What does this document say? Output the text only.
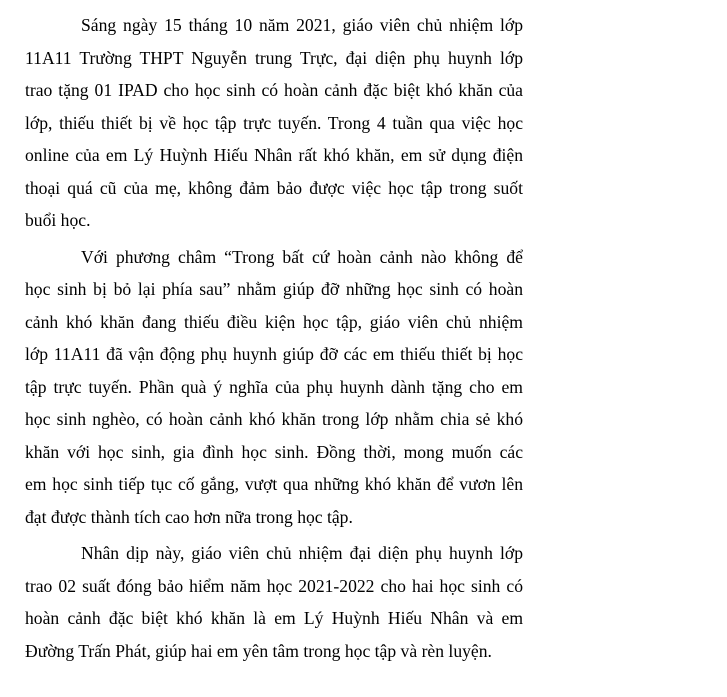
Sáng ngày 15 tháng 10 năm 2021, giáo viên chủ nhiệm lớp
11A11 Trường THPT Nguyễn trung Trực, đại diện phụ huynh lớp
trao tặng 01 IPAD cho học sinh có hoàn cảnh đặc biệt khó khăn của
lớp, thiếu thiết bị về học tập trực tuyến. Trong 4 tuần qua việc học
online của em Lý Huỳnh Hiếu Nhân rất khó khăn, em sử dụng điện
thoại quá cũ của mẹ, không đảm bảo được việc học tập trong suốt
buổi học.
Với phương châm “Trong bất cứ hoàn cảnh nào không để
học sinh bị bỏ lại phía sau” nhằm giúp đỡ những học sinh có hoàn
cảnh khó khăn đang thiếu điều kiện học tập, giáo viên chủ nhiệm
lớp 11A11 đã vận động phụ huynh giúp đỡ các em thiếu thiết bị học
tập trực tuyến. Phần quà ý nghĩa của phụ huynh dành tặng cho em
học sinh nghèo, có hoàn cảnh khó khăn trong lớp nhằm chia sẻ khó
khăn với học sinh, gia đình học sinh. Đồng thời, mong muốn các
em học sinh tiếp tục cố gắng, vượt qua những khó khăn để vươn lên
đạt được thành tích cao hơn nữa trong học tập.
Nhân dịp này, giáo viên chủ nhiệm đại diện phụ huynh lớp
trao 02 suất đóng bảo hiểm năm học 2021-2022 cho hai học sinh có
hoàn cảnh đặc biệt khó khăn là em Lý Huỳnh Hiếu Nhân và em
Đường Trấn Phát, giúp hai em yên tâm trong học tập và rèn luyện.
